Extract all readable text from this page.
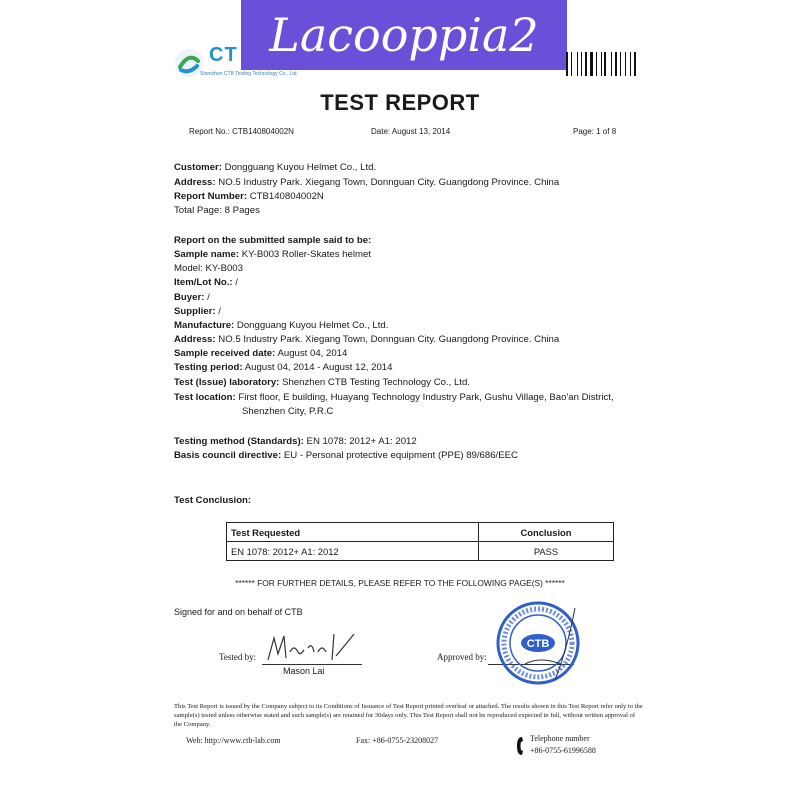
CT
Shenzhen CTB Testing Technology Co., Ltd.
Lacooppia2
TEST REPORT
Report No.: CTB140804002N	Date: August 13, 2014	Page: 1 of 8
Customer: Dongguang Kuyou Helmet Co., Ltd.
Address: NO.5 Industry Park. Xiegang Town, Donnguan City. Guangdong Province. China
Report Number: CTB140804002N
Total Page: 8 Pages
Report on the submitted sample said to be:
Sample name: KY-B003 Roller-Skates helmet
Model: KY-B003
Item/Lot No.: /
Buyer: /
Supplier: /
Manufacture: Dongguang Kuyou Helmet Co., Ltd.
Address: NO.5 Industry Park. Xiegang Town, Donnguan City. Guangdong Province. China
Sample received date: August 04, 2014
Testing period: August 04, 2014 - August 12, 2014
Test (Issue) laboratory: Shenzhen CTB Testing Technology Co., Ltd.
Test location: First floor, E building, Huayang Technology Industry Park, Gushu Village, Bao'an District,
Shenzhen City, P.R.C
Testing method (Standards): EN 1078: 2012+ A1: 2012
Basis council directive: EU - Personal protective equipment (PPE) 89/686/EEC
Test Conclusion:
Test Requested	Conclusion
EN 1078: 2012+ A1: 2012	PASS
****** FOR FURTHER DETAILS, PLEASE REFER TO THE FOLLOWING PAGE(S) ******
Signed for and on behalf of CTB
Tested by:
Mason Lai
Approved by:
CTB
This Test Report is issued by the Company subject to its Conditions of Issuance of Test Report printed overleaf or attached. The results shown in this Test Report refer only to the sample(s) tested unless otherwise stated and such sample(s) are retained for 30days only. This Test Report shall not be reproduced expected in full, without written approval of the Company.
Web: http://www.ctb-lab.com	Fax: +86-0755-23208027	Telephone number
+86-0755-61996588
